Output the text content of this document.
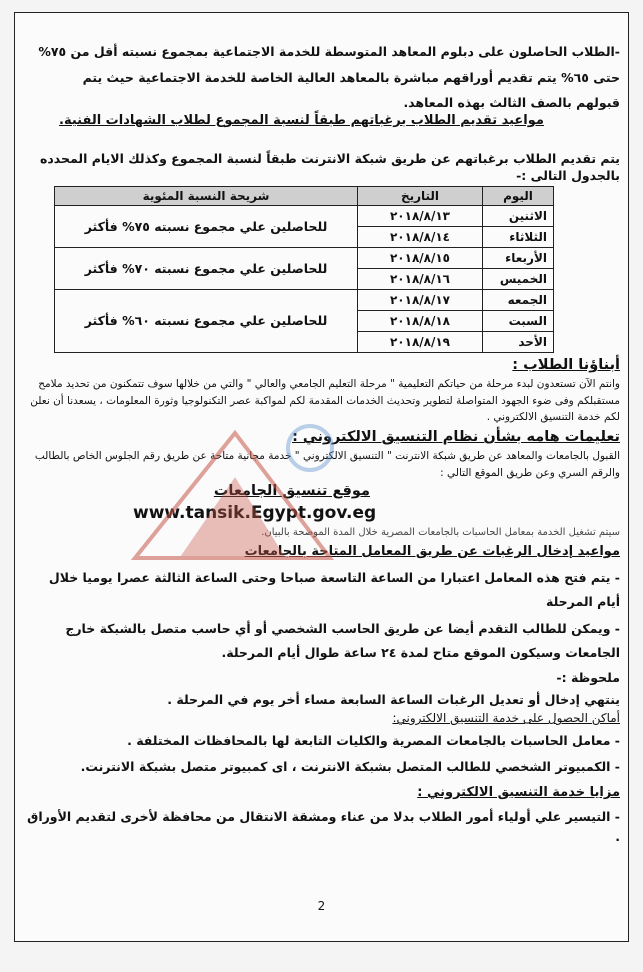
-الطلاب الحاصلون على دبلوم المعاهد المتوسطة للخدمة الاجتماعية بمجموع نسبته أقل من ٧٥%

حتى ٦٥% يتم تقديم أوراقهم مباشرة بالمعاهد العالية الخاصة للخدمة الاجتماعية حيث يتم

قبولهم بالصف الثالث بهذه المعاهد.

مواعيد تقديم الطلاب برغباتهم طبقاً لنسبة المجموع لطلاب الشهادات الفنية.

يتم تقديم الطلاب برغباتهم عن طريق شبكة الانترنت طبقاً لنسبة المجموع وكذلك الايام المحدده بالجدول التالى :-

اليوم	التاريخ	شريحة النسبة المئوية
الاثنين	٢٠١٨/٨/١٣	للحاصلين علي مجموع نسبته ٧٥% فأكثر
الثلاثاء	٢٠١٨/٨/١٤	
الأربعاء	٢٠١٨/٨/١٥	للحاصلين علي مجموع نسبته ٧٠% فأكثر
الخميس	٢٠١٨/٨/١٦	
الجمعه	٢٠١٨/٨/١٧	للحاصلين علي مجموع نسبته ٦٠% فأكثر
السبت	٢٠١٨/٨/١٨	
الأحد	٢٠١٨/٨/١٩	

أبناؤنا الطلاب :

وانتم الآن تستعدون لبدء مرحلة من حياتكم التعليمية " مرحلة التعليم الجامعي والعالي " والتي من خلالها سوف تتمكنون من تحديد ملامح مستقبلكم وفى ضوء الجهود المتواصلة لتطوير وتحديث الخدمات المقدمة لكم لمواكبة عصر التكنولوجيا وثورة المعلومات ، يسعدنا أن نعلن لكم خدمة التنسيق الالكتروني .

تعليمات هامه بشأن نظام التنسيق الالكتروني :

القبول بالجامعات والمعاهد عن طريق شبكة الانترنت " التنسيق الالكتروني " خدمة مجانية متاحة عن طريق رقم الجلوس الخاص بالطالب والرقم السري وعن طريق الموقع التالي :

موقع تنسيق الجامعات

www.tansik.Egypt.gov.eg

سيتم تشغيل الخدمة بمعامل الحاسبات بالجامعات المصرية خلال المدة الموضحة بالبيان.

مواعيد إدخال الرغبات عن طريق المعامل المتاحة بالجامعات

- يتم فتح هذه المعامل اعتبارا من الساعة التاسعة صباحا وحتى الساعة الثالثة عصرا يوميا خلال أيام المرحلة

- ويمكن للطالب التقدم أيضا عن طريق الحاسب الشخصي أو أي حاسب متصل بالشبكة خارج الجامعات وسيكون الموقع متاح لمدة ٢٤ ساعة طوال أيام المرحلة.

ملحوظة :-

ينتهي إدخال أو تعديل الرغبات الساعة السابعة مساء أخر يوم في المرحلة .

أماكن الحصول على خدمة التنسيق الالكتروني:

- معامل الحاسبات بالجامعات المصرية والكليات التابعة لها بالمحافظات المختلفة .

- الكمبيوتر الشخصي للطالب المتصل بشبكة الانترنت ، اى كمبيوتر متصل بشبكة الانترنت.

مزايا خدمة التنسيق الالكتروني :

- التيسير علي أولياء أمور الطلاب بدلا من عناء ومشقة الانتقال من محافظة لأخرى لتقديم الأوراق .

2
